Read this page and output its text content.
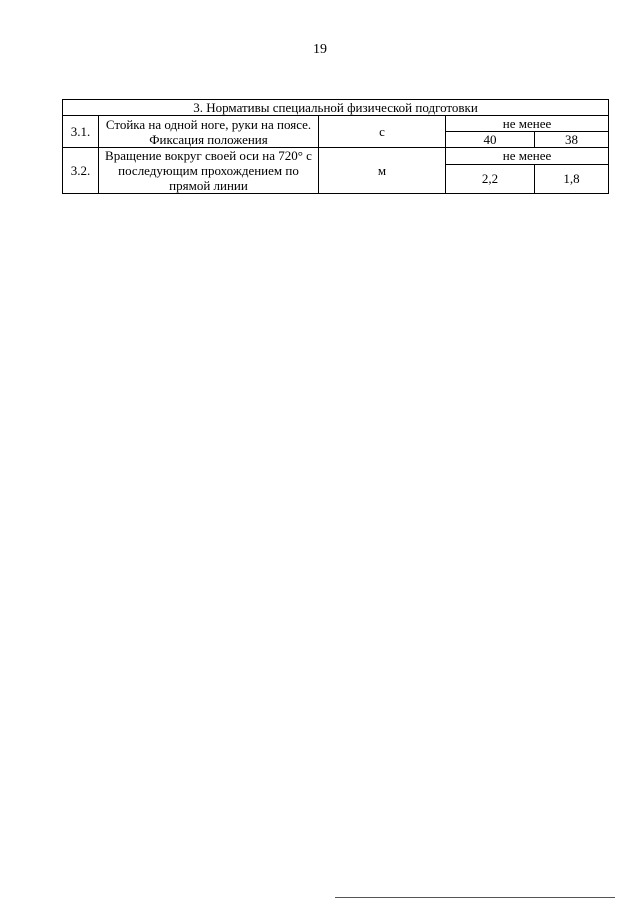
19
3. Нормативы специальной физической подготовки				
3.1.	Стойка на одной ноге, руки на поясе. Фиксация положения	с	не менее	
			40	38
3.2.	Вращение вокруг своей оси на 720° с последующим прохождением по прямой линии	м	не менее	
			2,2	1,8
